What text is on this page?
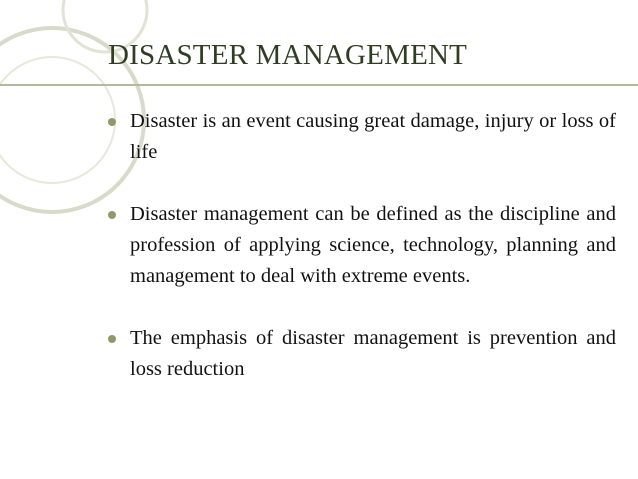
DISASTER MANAGEMENT
Disaster is an event causing great damage, injury or loss of life
Disaster management can be defined as the discipline and profession of applying science, technology, planning and management to deal with extreme events.
The emphasis of disaster management is prevention and loss reduction
